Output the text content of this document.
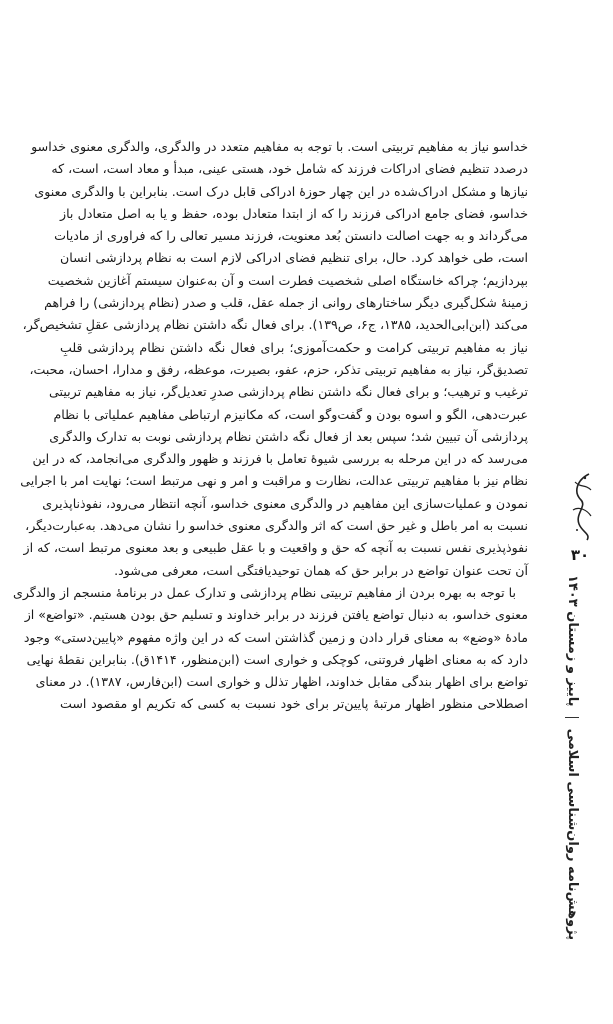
خداسو نیاز به مفاهیم تربیتی است. با توجه به مفاهیم متعدد در والدگری، والدگری معنوی خداسو
درصدد تنظیم فضای ادراکات فرزند که شامل خود، هستی عینی، مبدأ و معاد است، است، که
نیازها و مشکل ادراک‌شده در این چهار حوزهٔ ادراکی قابل درک است. بنابراین با والدگری معنوی
خداسو، فضای جامع ادراکی فرزند را که از ابتدا متعادل بوده، حفظ و یا به اصل متعادل باز
می‌گرداند و به جهت اصالت دانستن بُعد معنویت، فرزند مسیر تعالی را که فراوری از مادیات
است، طی خواهد کرد. حال، برای تنظیم فضای ادراکی لازم است به نظام پردازشی انسان
بپردازیم؛ چراکه خاستگاه اصلی شخصیت فطرت است و آن به‌عنوان سیستم آغازین شخصیت
زمینهٔ شکل‌گیری دیگر ساختارهای روانی از جمله عقل، قلب و صدر (نظام پردازشی) را فراهم
می‌کند (ابن‌ابی‌الحدید، ۱۳۸۵، ج۶، ص۱۳۹). برای فعال نگه داشتن نظام پردازشی عقلِ تشخیص‌گر،
نیاز به مفاهیم تربیتی کرامت و حکمت‌آموزی؛ برای فعال نگه داشتن نظام پردازشی قلبِ
تصدیق‌گر، نیاز به مفاهیم تربیتی تذکر، حزم، عفو، بصیرت، موعظه، رفق و مدارا، احسان، محبت،
ترغیب و ترهیب؛ و برای فعال نگه داشتن نظام پردازشی صدرِ تعدیل‌گر، نیاز به مفاهیم تربیتی
عبرت‌دهی، الگو و اسوه بودن و گفت‌وگو است، که مکانیزم ارتباطی مفاهیم عملیاتی با نظام
پردازشی آن تبیین شد؛ سپس بعد از فعال نگه داشتن نظام پردازشی نوبت به تدارک والدگری
می‌رسد که در این مرحله به بررسی شیوهٔ تعامل با فرزند و ظهور والدگری می‌انجامد، که در این
نظام نیز با مفاهیم تربیتی عدالت، نظارت و مراقبت و امر و نهی مرتبط است؛ نهایت امر با اجرایی
نمودن و عملیات‌سازی این مفاهیم در والدگری معنوی خداسو، آنچه انتظار می‌رود، نفوذناپذیری
نسبت به امر باطل و غیر حق است که اثر والدگری معنوی خداسو را نشان می‌دهد. به‌عبارت‌دیگر،
نفوذپذیری نفس نسبت به آنچه که حق و واقعیت و با عقل طبیعی و بعد معنوی مرتبط است، که از
آن تحت عنوان تواضع در برابر حق که همان توحیدیافتگی است، معرفی می‌شود.
با توجه به بهره بردن از مفاهیم تربیتی نظام پردازشی و تدارک عمل در برنامهٔ منسجم از والدگری
معنوی خداسو، به دنبال تواضع یافتن فرزند در برابر خداوند و تسلیم حق بودن هستیم. «تواضع» از
مادهٔ «وضع» به معنای قرار دادن و زمین گذاشتن است که در این واژه مفهوم «پایین‌دستی» وجود
دارد که به معنای اظهار فروتنی، کوچکی و خواری است (ابن‌منظور، ۱۴۱۴ق). بنابراین نقطهٔ نهایی
تواضع برای اظهار بندگی مقابل خداوند، اظهار تذلل و خواری است (ابن‌فارس، ۱۳۸۷). در معنای
اصطلاحی منظور اظهار مرتبهٔ پایین‌تر برای خود نسبت به کسی که تکریم او مقصود است
۳۰
پژوهش‌نامه روان‌شناسی اسلامی  پاییز و زمستان ۱۴۰۳
